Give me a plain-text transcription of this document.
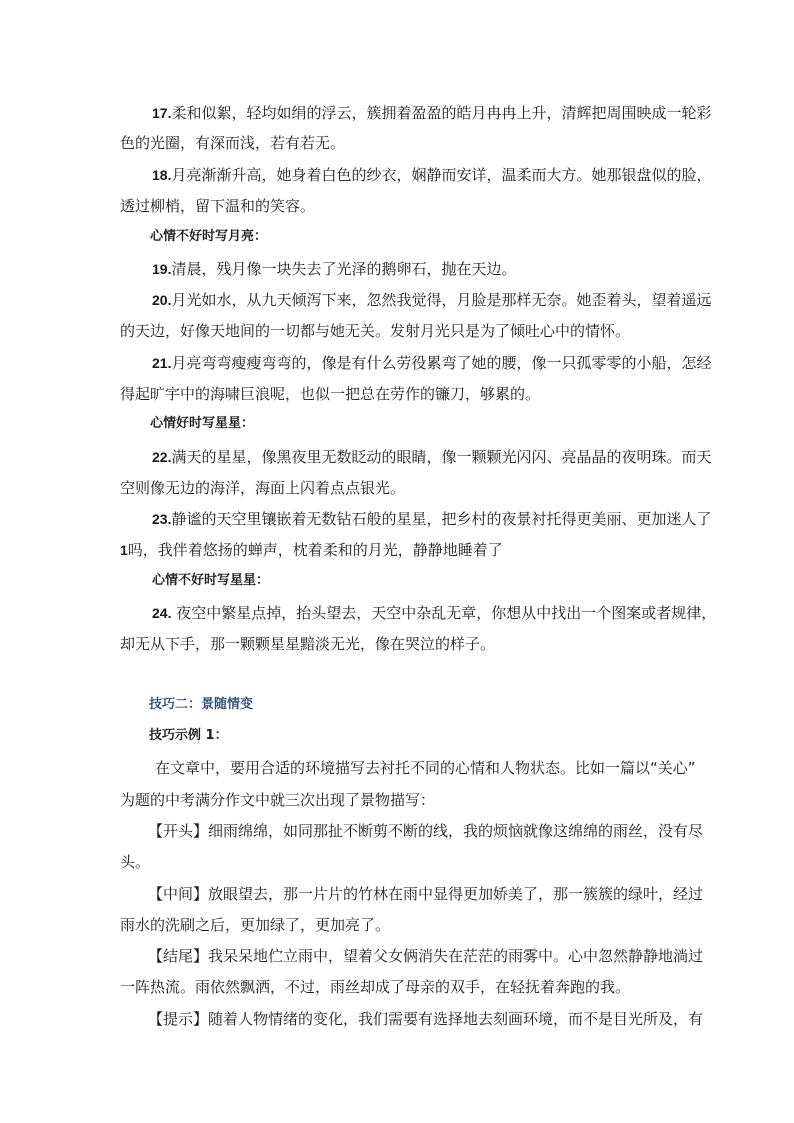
17.柔和似絮，轻均如绢的浮云，簇拥着盈盈的皓月冉冉上升，清辉把周围映成一轮彩
色的光圈，有深而浅，若有若无。
18.月亮渐渐升高，她身着白色的纱衣，娴静而安详，温柔而大方。她那银盘似的脸，
透过柳梢，留下温和的笑容。
心情不好时写月亮：
19.清晨，残月像一块失去了光泽的鹅卵石，抛在天边。
20.月光如水，从九天倾泻下来，忽然我觉得，月脸是那样无奈。她歪着头，望着遥远
的天边，好像天地间的一切都与她无关。发射月光只是为了倾吐心中的情怀。
21.月亮弯弯瘦瘦弯弯的，像是有什么劳役累弯了她的腰，像一只孤零零的小船，怎经
得起旷宇中的海啸巨浪呢，也似一把总在劳作的镰刀，够累的。
心情好时写星星：
22.满天的星星，像黑夜里无数眨动的眼睛，像一颗颗光闪闪、亮晶晶的夜明珠。而天
空则像无边的海洋，海面上闪着点点银光。
23.静谧的天空里镶嵌着无数钻石般的星星，把乡村的夜景衬托得更美丽、更加迷人了
1吗，我伴着悠扬的蝉声，枕着柔和的月光，静静地睡着了
心情不好时写星星：
24. 夜空中繁星点掉，抬头望去，天空中杂乱无章，你想从中找出一个图案或者规律，
却无从下手，那一颗颗星星黯淡无光，像在哭泣的样子。
技巧二：景随情变
技巧示例 1：
在文章中，要用合适的环境描写去衬托不同的心情和人物状态。比如一篇以“关心”
为题的中考满分作文中就三次出现了景物描写：
【开头】细雨绵绵，如同那扯不断剪不断的线，我的烦恼就像这绵绵的雨丝，没有尽
头。
【中间】放眼望去，那一片片的竹林在雨中显得更加娇美了，那一簇簇的绿叶，经过
雨水的洗刷之后，更加绿了，更加亮了。
【结尾】我呆呆地伫立雨中，望着父女俩消失在茫茫的雨雾中。心中忽然静静地淌过
一阵热流。雨依然飘洒，不过，雨丝却成了母亲的双手，在轻抚着奔跑的我。
【提示】随着人物情绪的变化，我们需要有选择地去刻画环境，而不是目光所及，有
